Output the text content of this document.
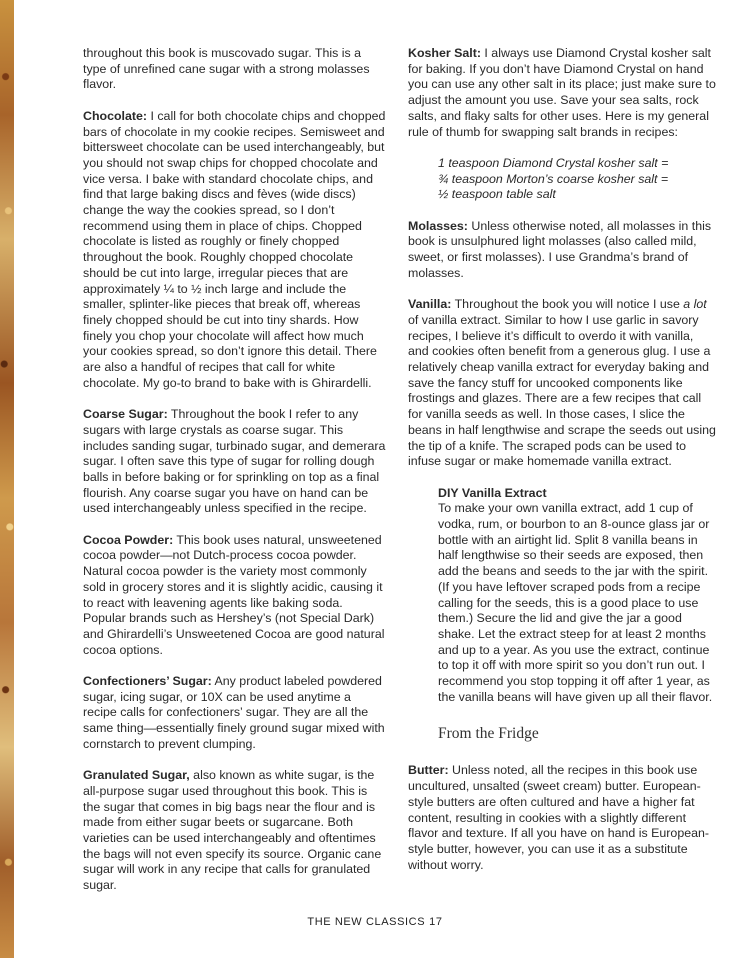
throughout this book is muscovado sugar. This is a type of unrefined cane sugar with a strong molasses flavor.

Chocolate: I call for both chocolate chips and chopped bars of chocolate in my cookie recipes. Semisweet and bittersweet chocolate can be used interchangeably, but you should not swap chips for chopped chocolate and vice versa. I bake with standard chocolate chips, and find that large baking discs and fèves (wide discs) change the way the cookies spread, so I don’t recommend using them in place of chips. Chopped chocolate is listed as roughly or finely chopped throughout the book. Roughly chopped chocolate should be cut into large, irregular pieces that are approximately ¼ to ½ inch large and include the smaller, splinter-like pieces that break off, whereas finely chopped should be cut into tiny shards. How finely you chop your chocolate will affect how much your cookies spread, so don’t ignore this detail. There are also a handful of recipes that call for white chocolate. My go-to brand to bake with is Ghirardelli.

Coarse Sugar: Throughout the book I refer to any sugars with large crystals as coarse sugar. This includes sanding sugar, turbinado sugar, and demerara sugar. I often save this type of sugar for rolling dough balls in before baking or for sprinkling on top as a final flourish. Any coarse sugar you have on hand can be used interchangeably unless specified in the recipe.

Cocoa Powder: This book uses natural, unsweetened cocoa powder—not Dutch-process cocoa powder. Natural cocoa powder is the variety most commonly sold in grocery stores and it is slightly acidic, causing it to react with leavening agents like baking soda. Popular brands such as Hershey’s (not Special Dark) and Ghirardelli’s Unsweetened Cocoa are good natural cocoa options.

Confectioners’ Sugar: Any product labeled powdered sugar, icing sugar, or 10X can be used anytime a recipe calls for confectioners’ sugar. They are all the same thing—essentially finely ground sugar mixed with cornstarch to prevent clumping.

Granulated Sugar, also known as white sugar, is the all-purpose sugar used throughout this book. This is the sugar that comes in big bags near the flour and is made from either sugar beets or sugarcane. Both varieties can be used interchangeably and oftentimes the bags will not even specify its source. Organic cane sugar will work in any recipe that calls for granulated sugar.

Kosher Salt: I always use Diamond Crystal kosher salt for baking. If you don’t have Diamond Crystal on hand you can use any other salt in its place; just make sure to adjust the amount you use. Save your sea salts, rock salts, and flaky salts for other uses. Here is my general rule of thumb for swapping salt brands in recipes:

1 teaspoon Diamond Crystal kosher salt =
¾ teaspoon Morton’s coarse kosher salt =
½ teaspoon table salt

Molasses: Unless otherwise noted, all molasses in this book is unsulphured light molasses (also called mild, sweet, or first molasses). I use Grandma’s brand of molasses.

Vanilla: Throughout the book you will notice I use a lot of vanilla extract. Similar to how I use garlic in savory recipes, I believe it’s difficult to overdo it with vanilla, and cookies often benefit from a generous glug. I use a relatively cheap vanilla extract for everyday baking and save the fancy stuff for uncooked components like frostings and glazes. There are a few recipes that call for vanilla seeds as well. In those cases, I slice the beans in half lengthwise and scrape the seeds out using the tip of a knife. The scraped pods can be used to infuse sugar or make homemade vanilla extract.

DIY Vanilla Extract
To make your own vanilla extract, add 1 cup of vodka, rum, or bourbon to an 8-ounce glass jar or bottle with an airtight lid. Split 8 vanilla beans in half lengthwise so their seeds are exposed, then add the beans and seeds to the jar with the spirit. (If you have leftover scraped pods from a recipe calling for the seeds, this is a good place to use them.) Secure the lid and give the jar a good shake. Let the extract steep for at least 2 months and up to a year. As you use the extract, continue to top it off with more spirit so you don’t run out. I recommend you stop topping it off after 1 year, as the vanilla beans will have given up all their flavor.
From the Fridge

Butter: Unless noted, all the recipes in this book use uncultured, unsalted (sweet cream) butter. European-style butters are often cultured and have a higher fat content, resulting in cookies with a slightly different flavor and texture. If all you have on hand is European-style butter, however, you can use it as a substitute without worry.

THE NEW CLASSICS 17
